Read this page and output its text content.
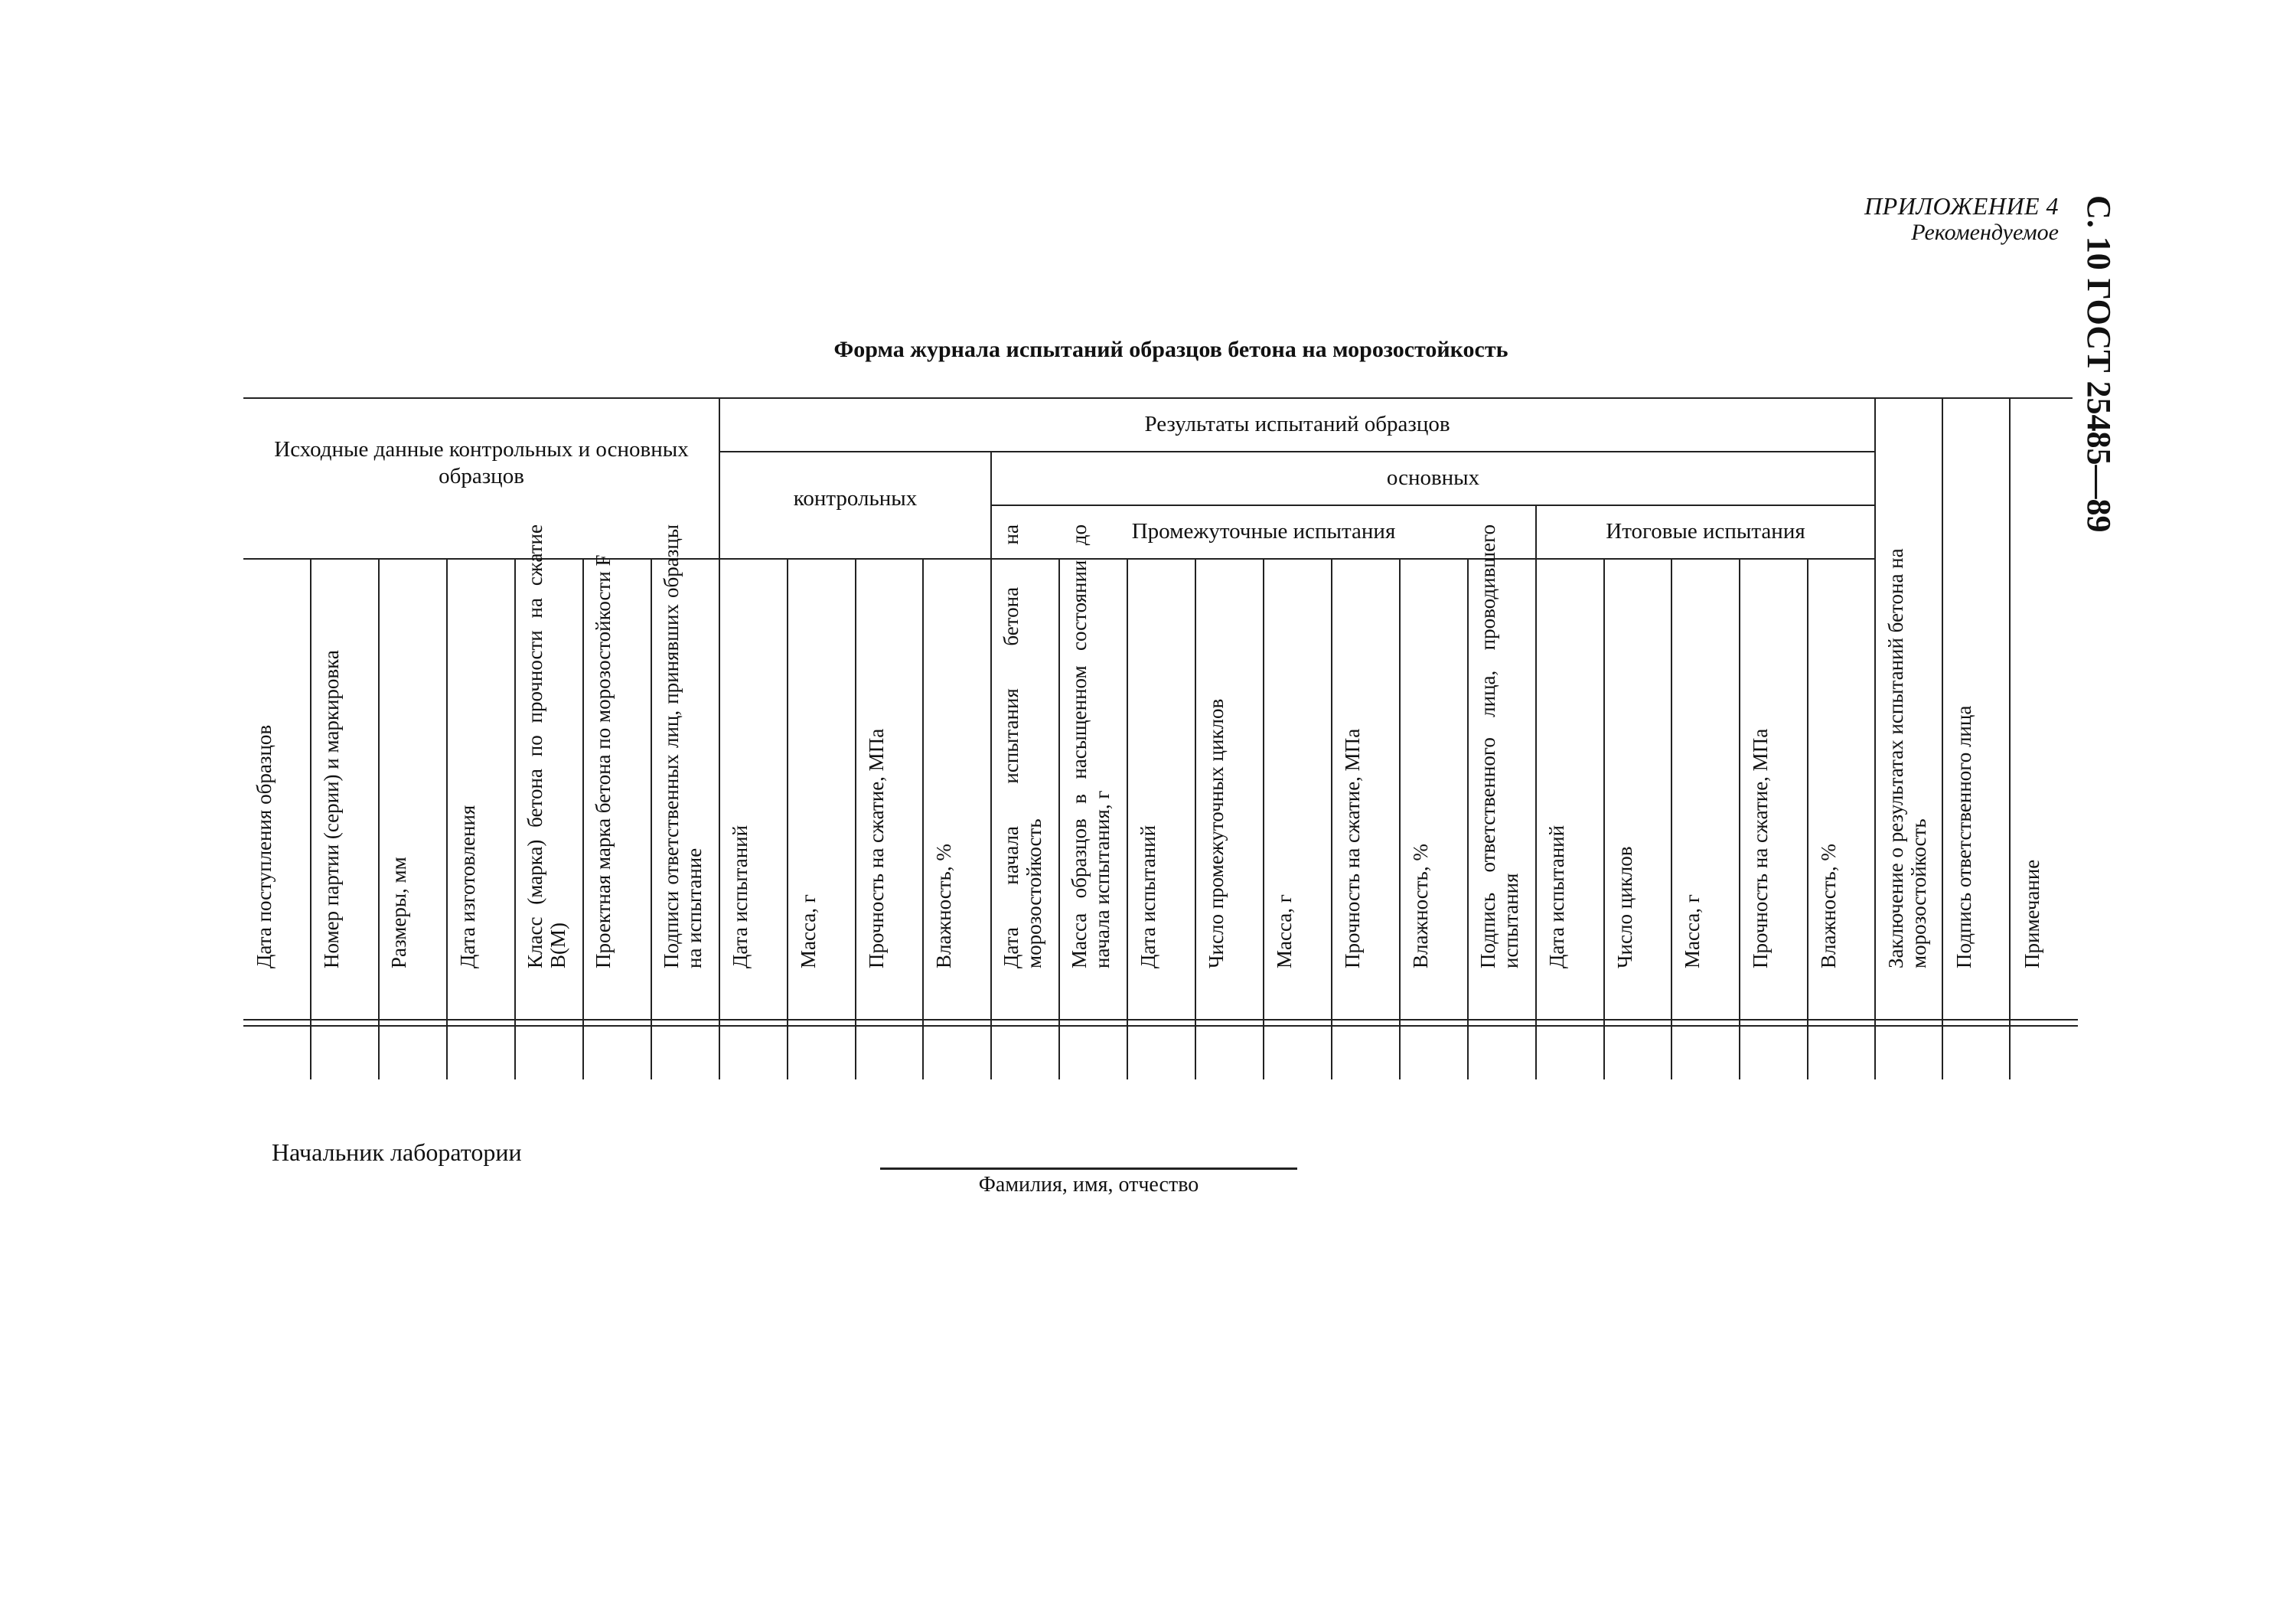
С. 10 ГОСТ 25485—89
ПРИЛОЖЕНИЕ 4
Рекомендуемое
Форма журнала испытаний образцов бетона на морозостойкость
Исходные данные контрольных и основных образцов
Результаты испытаний образцов
контрольных
основных
Промежуточные испытания	Итоговые испытания
Дата поступления образцов Номер партии (серии) и маркировка Размеры, мм Дата изготовления Класс (марка) бетона по прочности на сжатие В(М) Проектная марка бетона по морозостойкости F Подписи ответственных лиц, принявших образцы на испытание Дата испытаний Масса, г Прочность на сжатие, МПа Влажность, % Дата начала испытания бетона на морозостойкость Масса образцов в насыщенном состоянии до начала испытания, г Дата испытаний Число промежуточных циклов Масса, г Прочность на сжатие, МПа Влажность, % Подпись ответственного лица, проводившего испытания Дата испытаний Число циклов Масса, г Прочность на сжатие, МПа Влажность, % Заключение о результатах испытаний бетона на морозостойкость Подпись ответственного лица Примечание
Начальник лаборатории
Фамилия, имя, отчество
